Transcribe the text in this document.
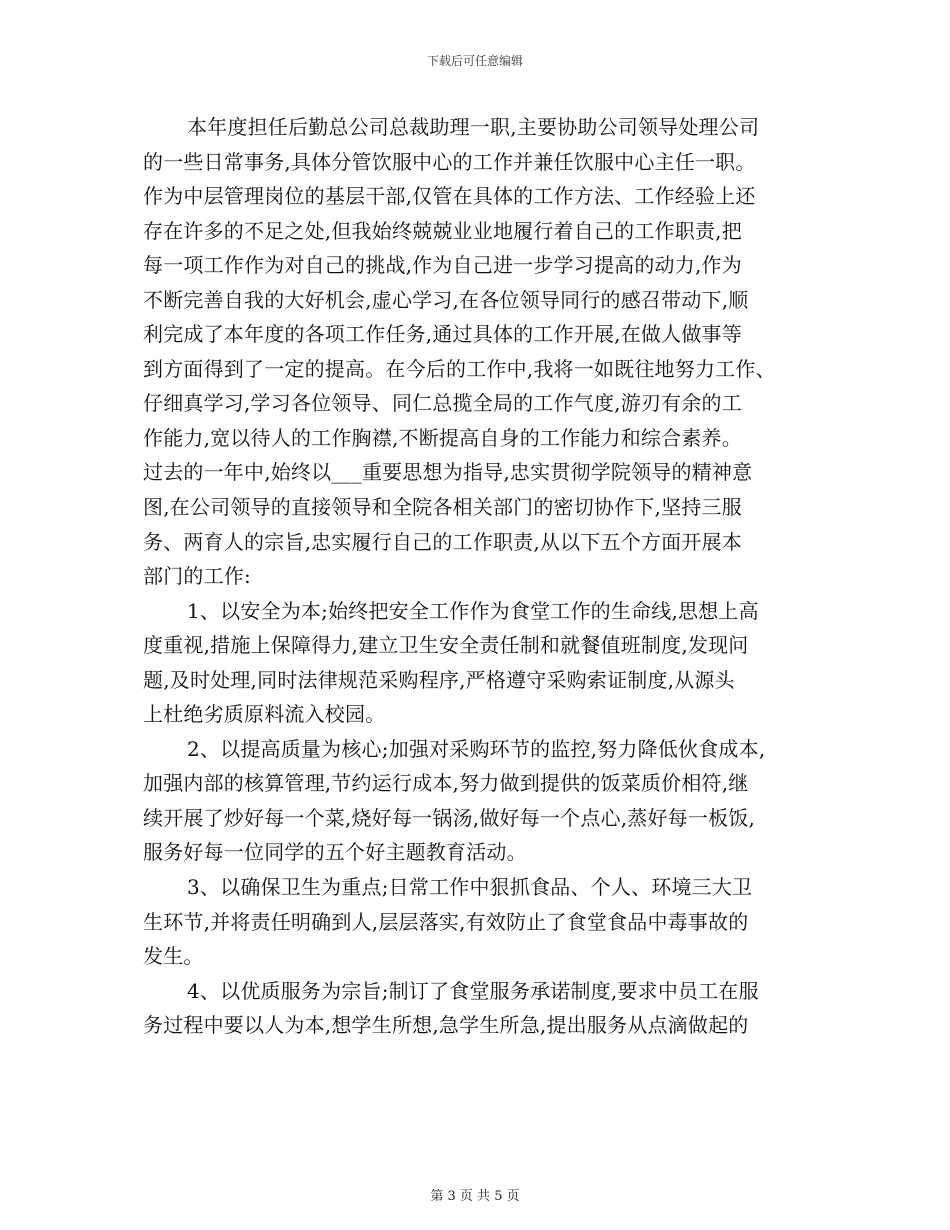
下载后可任意编辑
本年度担任后勤总公司总裁助理一职,主要协助公司领导处理公司
的一些日常事务,具体分管饮服中心的工作并兼任饮服中心主任一职。
作为中层管理岗位的基层干部,仅管在具体的工作方法、工作经验上还
存在许多的不足之处,但我始终兢兢业业地履行着自己的工作职责,把
每一项工作作为对自己的挑战,作为自己进一步学习提高的动力,作为
不断完善自我的大好机会,虚心学习,在各位领导同行的感召带动下,顺
利完成了本年度的各项工作任务,通过具体的工作开展,在做人做事等
到方面得到了一定的提高。在今后的工作中,我将一如既往地努力工作、
仔细真学习,学习各位领导、同仁总揽全局的工作气度,游刃有余的工
作能力,宽以待人的工作胸襟,不断提高自身的工作能力和综合素养。
过去的一年中,始终以___重要思想为指导,忠实贯彻学院领导的精神意
图,在公司领导的直接领导和全院各相关部门的密切协作下,坚持三服
务、两育人的宗旨,忠实履行自己的工作职责,从以下五个方面开展本
部门的工作:
1、以安全为本;始终把安全工作作为食堂工作的生命线,思想上高
度重视,措施上保障得力,建立卫生安全责任制和就餐值班制度,发现问
题,及时处理,同时法律规范采购程序,严格遵守采购索证制度,从源头
上杜绝劣质原料流入校园。
2、以提高质量为核心;加强对采购环节的监控,努力降低伙食成本,
加强内部的核算管理,节约运行成本,努力做到提供的饭菜质价相符,继
续开展了炒好每一个菜,烧好每一锅汤,做好每一个点心,蒸好每一板饭,
服务好每一位同学的五个好主题教育活动。
3、以确保卫生为重点;日常工作中狠抓食品、个人、环境三大卫
生环节,并将责任明确到人,层层落实,有效防止了食堂食品中毒事故的
发生。
4、以优质服务为宗旨;制订了食堂服务承诺制度,要求中员工在服
务过程中要以人为本,想学生所想,急学生所急,提出服务从点滴做起的
第 3 页 共 5 页
